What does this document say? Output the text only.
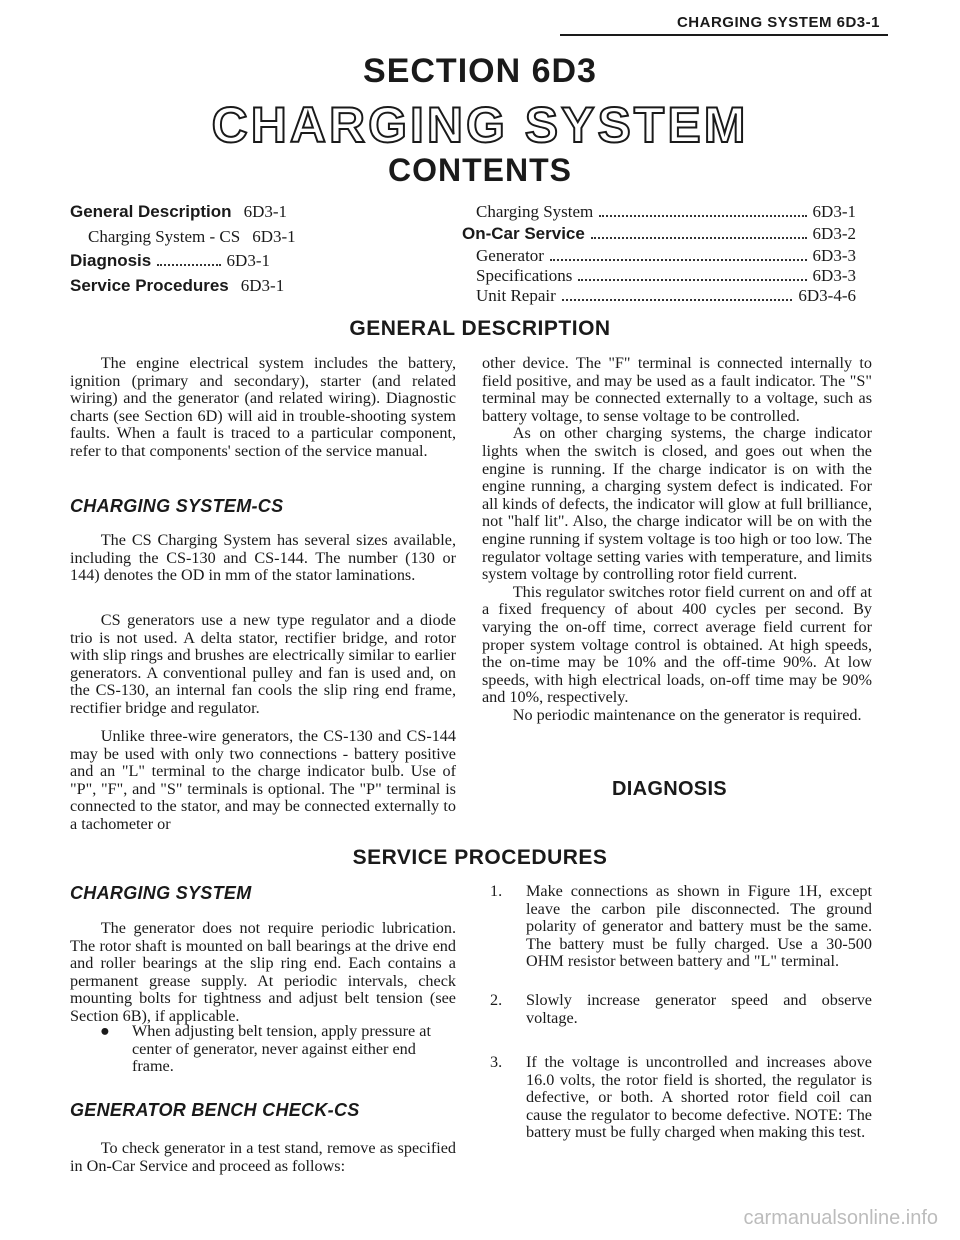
CHARGING SYSTEM 6D3-1
SECTION 6D3
CHARGING SYSTEM
CONTENTS
General Description 6D3-1
Charging System - CS 6D3-1
Diagnosis	6D3-1
Service Procedures 6D3-1
Charging System	6D3-1
On-Car Service	6D3-2
Generator	6D3-3
Specifications	6D3-3
Unit Repair	6D3-4-6
GENERAL DESCRIPTION

The engine electrical system includes the battery, ignition (primary and secondary), starter (and related wiring) and the generator (and related wiring). Diagnostic charts (see Section 6D) will aid in trouble-shooting system faults. When a fault is traced to a particular component, refer to that components' section of the service manual.

CHARGING SYSTEM-CS

The CS Charging System has several sizes available, including the CS-130 and CS-144. The number (130 or 144) denotes the OD in mm of the stator laminations.

CS generators use a new type regulator and a diode trio is not used. A delta stator, rectifier bridge, and rotor with slip rings and brushes are electrically similar to earlier generators. A conventional pulley and fan is used and, on the CS-130, an internal fan cools the slip ring end frame, rectifier bridge and regulator.

Unlike three-wire generators, the CS-130 and CS-144 may be used with only two connections - battery positive and an "L" terminal to the charge indicator bulb. Use of "P", "F", and "S" terminals is optional. The "P" terminal is connected to the stator, and may be connected externally to a tachometer or

other device. The "F" terminal is connected internally to field positive, and may be used as a fault indicator. The "S" terminal may be connected externally to a voltage, such as battery voltage, to sense voltage to be controlled.

As on other charging systems, the charge indicator lights when the switch is closed, and goes out when the engine is running. If the charge indicator is on with the engine running, a charging system defect is indicated. For all kinds of defects, the indicator will glow at full brilliance, not "half lit". Also, the charge indicator will be on with the engine running if system voltage is too high or too low. The regulator voltage setting varies with temperature, and limits system voltage by controlling rotor field current.

This regulator switches rotor field current on and off at a fixed frequency of about 400 cycles per second. By varying the on-off time, correct average field current for proper system voltage control is obtained. At high speeds, the on-time may be 10% and the off-time 90%. At low speeds, with high electrical loads, on-off time may be 90% and 10%, respectively.

No periodic maintenance on the generator is required.

DIAGNOSIS
SERVICE PROCEDURES
CHARGING SYSTEM

The generator does not require periodic lubrication. The rotor shaft is mounted on ball bearings at the drive end and roller bearings at the slip ring end. Each contains a permanent grease supply. At periodic intervals, check mounting bolts for tightness and adjust belt tension (see Section 6B), if applicable.

● When adjusting belt tension, apply pressure at center of generator, never against either end frame.
GENERATOR BENCH CHECK-CS

To check generator in a test stand, remove as specified in On-Car Service and proceed as follows:

1. Make connections as shown in Figure 1H, except leave the carbon pile disconnected. The ground polarity of generator and battery must be the same. The battery must be fully charged. Use a 30-500 OHM resistor between battery and "L" terminal.
2. Slowly increase generator speed and observe voltage.
3. If the voltage is uncontrolled and increases above 16.0 volts, the rotor field is shorted, the regulator is defective, or both. A shorted rotor field coil can cause the regulator to become defective. NOTE: The battery must be fully charged when making this test.
carmanualsonline.info
